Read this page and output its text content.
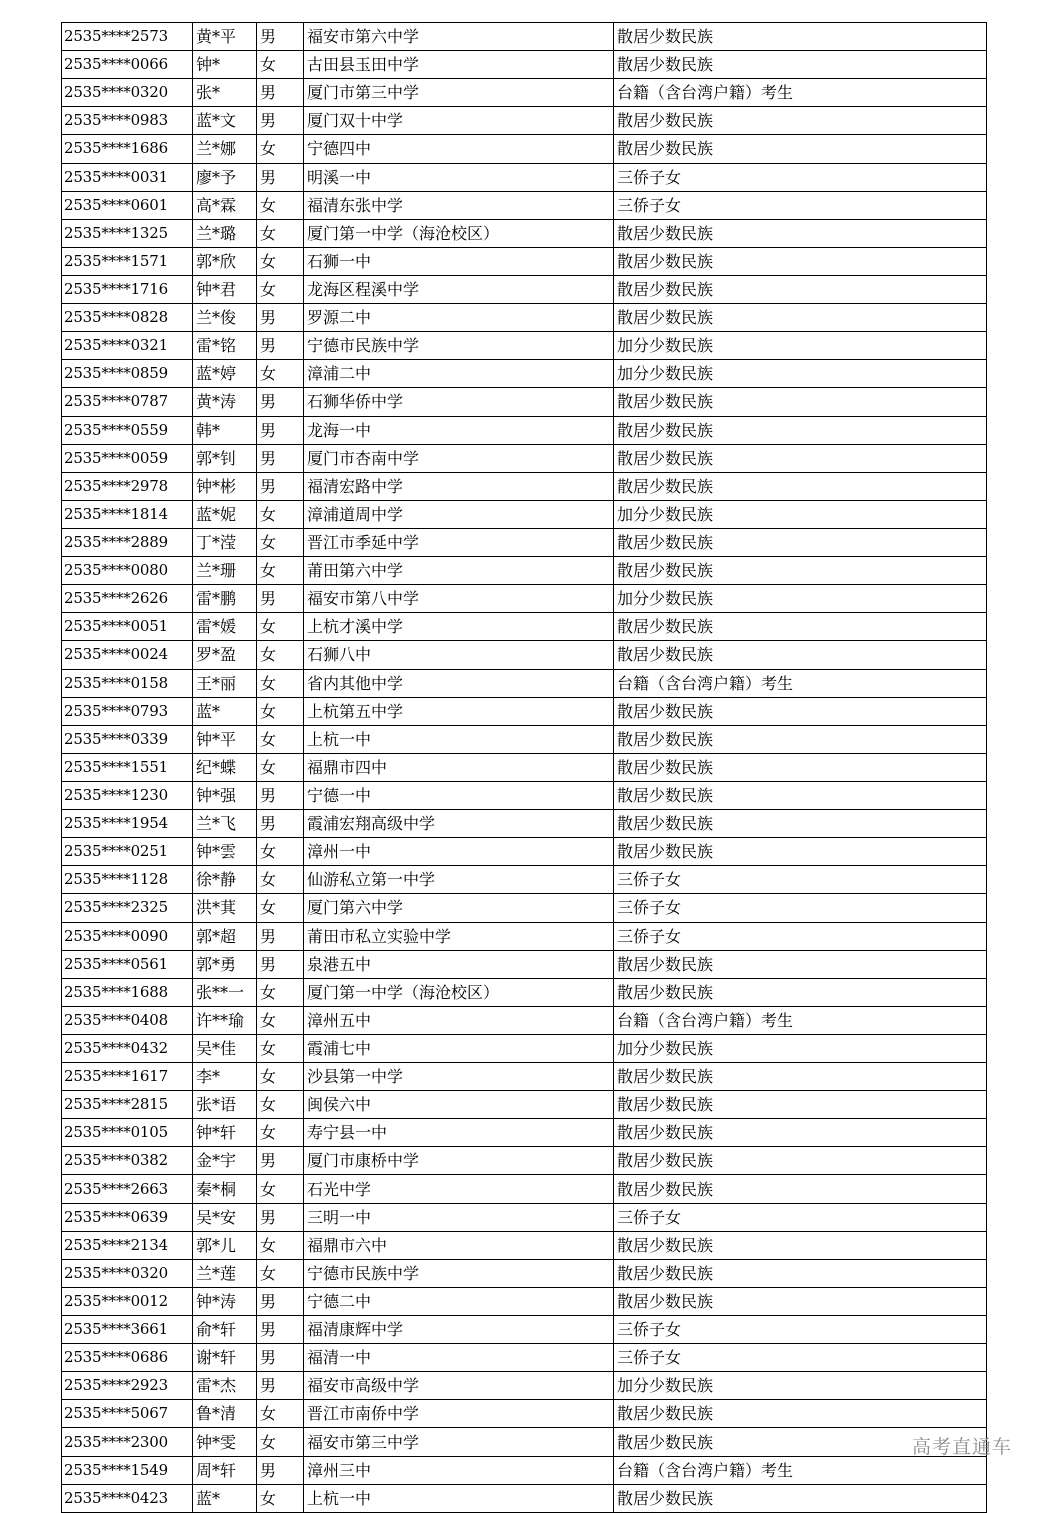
2535****2573	黄*平	男	福安市第六中学	散居少数民族
2535****0066	钟*	女	古田县玉田中学	散居少数民族
2535****0320	张*	男	厦门市第三中学	台籍（含台湾户籍）考生
2535****0983	蓝*文	男	厦门双十中学	散居少数民族
2535****1686	兰*娜	女	宁德四中	散居少数民族
2535****0031	廖*予	男	明溪一中	三侨子女
2535****0601	高*霖	女	福清东张中学	三侨子女
2535****1325	兰*璐	女	厦门第一中学（海沧校区）	散居少数民族
2535****1571	郭*欣	女	石狮一中	散居少数民族
2535****1716	钟*君	女	龙海区程溪中学	散居少数民族
2535****0828	兰*俊	男	罗源二中	散居少数民族
2535****0321	雷*铭	男	宁德市民族中学	加分少数民族
2535****0859	蓝*婷	女	漳浦二中	加分少数民族
2535****0787	黄*涛	男	石狮华侨中学	散居少数民族
2535****0559	韩*	男	龙海一中	散居少数民族
2535****0059	郭*钊	男	厦门市杏南中学	散居少数民族
2535****2978	钟*彬	男	福清宏路中学	散居少数民族
2535****1814	蓝*妮	女	漳浦道周中学	加分少数民族
2535****2889	丁*滢	女	晋江市季延中学	散居少数民族
2535****0080	兰*珊	女	莆田第六中学	散居少数民族
2535****2626	雷*鹏	男	福安市第八中学	加分少数民族
2535****0051	雷*媛	女	上杭才溪中学	散居少数民族
2535****0024	罗*盈	女	石狮八中	散居少数民族
2535****0158	王*丽	女	省内其他中学	台籍（含台湾户籍）考生
2535****0793	蓝*	女	上杭第五中学	散居少数民族
2535****0339	钟*平	女	上杭一中	散居少数民族
2535****1551	纪*蝶	女	福鼎市四中	散居少数民族
2535****1230	钟*强	男	宁德一中	散居少数民族
2535****1954	兰*飞	男	霞浦宏翔高级中学	散居少数民族
2535****0251	钟*雲	女	漳州一中	散居少数民族
2535****1128	徐*静	女	仙游私立第一中学	三侨子女
2535****2325	洪*萁	女	厦门第六中学	三侨子女
2535****0090	郭*超	男	莆田市私立实验中学	三侨子女
2535****0561	郭*勇	男	泉港五中	散居少数民族
2535****1688	张**一	女	厦门第一中学（海沧校区）	散居少数民族
2535****0408	许**瑜	女	漳州五中	台籍（含台湾户籍）考生
2535****0432	吴*佳	女	霞浦七中	加分少数民族
2535****1617	李*	女	沙县第一中学	散居少数民族
2535****2815	张*语	女	闽侯六中	散居少数民族
2535****0105	钟*轩	女	寿宁县一中	散居少数民族
2535****0382	金*宇	男	厦门市康桥中学	散居少数民族
2535****2663	秦*桐	女	石光中学	散居少数民族
2535****0639	吴*安	男	三明一中	三侨子女
2535****2134	郭*儿	女	福鼎市六中	散居少数民族
2535****0320	兰*莲	女	宁德市民族中学	散居少数民族
2535****0012	钟*涛	男	宁德二中	散居少数民族
2535****3661	俞*轩	男	福清康辉中学	三侨子女
2535****0686	谢*轩	男	福清一中	三侨子女
2535****2923	雷*杰	男	福安市高级中学	加分少数民族
2535****5067	鲁*清	女	晋江市南侨中学	散居少数民族
2535****2300	钟*雯	女	福安市第三中学	散居少数民族
2535****1549	周*轩	男	漳州三中	台籍（含台湾户籍）考生
2535****0423	蓝*	女	上杭一中	散居少数民族
高考直通车
